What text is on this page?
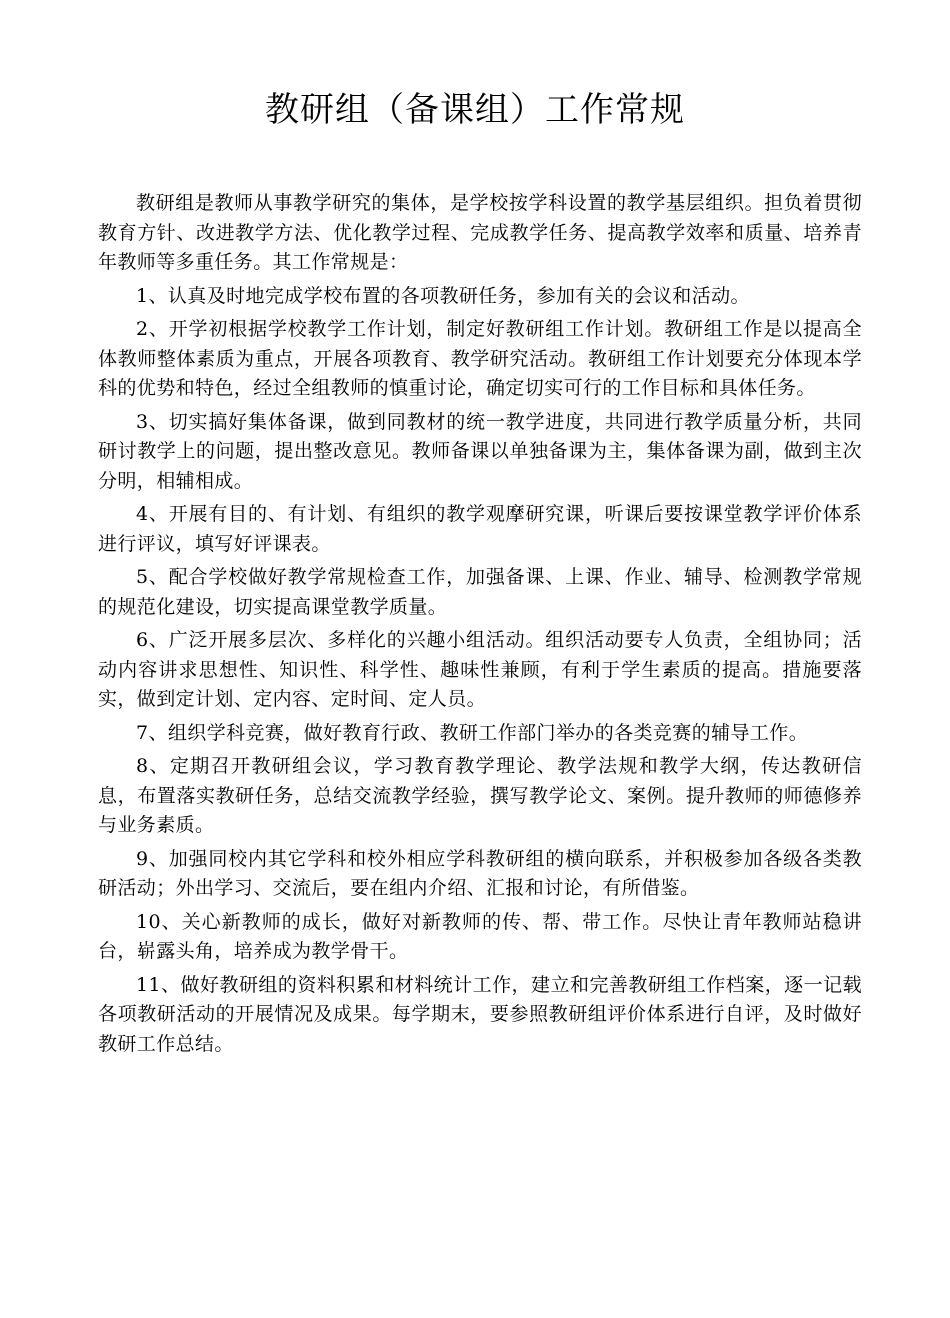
教研组（备课组）工作常规

教研组是教师从事教学研究的集体，是学校按学科设置的教学基层组织。担负着贯彻教育方针、改进教学方法、优化教学过程、完成教学任务、提高教学效率和质量、培养青年教师等多重任务。其工作常规是：

1、认真及时地完成学校布置的各项教研任务，参加有关的会议和活动。

2、开学初根据学校教学工作计划，制定好教研组工作计划。教研组工作是以提高全体教师整体素质为重点，开展各项教育、教学研究活动。教研组工作计划要充分体现本学科的优势和特色，经过全组教师的慎重讨论，确定切实可行的工作目标和具体任务。

3、切实搞好集体备课，做到同教材的统一教学进度，共同进行教学质量分析，共同研讨教学上的问题，提出整改意见。教师备课以单独备课为主，集体备课为副，做到主次分明，相辅相成。

4、开展有目的、有计划、有组织的教学观摩研究课，听课后要按课堂教学评价体系进行评议，填写好评课表。

5、配合学校做好教学常规检查工作，加强备课、上课、作业、辅导、检测教学常规的规范化建设，切实提高课堂教学质量。

6、广泛开展多层次、多样化的兴趣小组活动。组织活动要专人负责，全组协同；活动内容讲求思想性、知识性、科学性、趣味性兼顾，有利于学生素质的提高。措施要落实，做到定计划、定内容、定时间、定人员。

7、组织学科竞赛，做好教育行政、教研工作部门举办的各类竞赛的辅导工作。

8、定期召开教研组会议，学习教育教学理论、教学法规和教学大纲，传达教研信息，布置落实教研任务，总结交流教学经验，撰写教学论文、案例。提升教师的师德修养与业务素质。

9、加强同校内其它学科和校外相应学科教研组的横向联系，并积极参加各级各类教研活动；外出学习、交流后，要在组内介绍、汇报和讨论，有所借鉴。

10、关心新教师的成长，做好对新教师的传、帮、带工作。尽快让青年教师站稳讲台，崭露头角，培养成为教学骨干。

11、做好教研组的资料积累和材料统计工作，建立和完善教研组工作档案，逐一记载各项教研活动的开展情况及成果。每学期末，要参照教研组评价体系进行自评，及时做好教研工作总结。
